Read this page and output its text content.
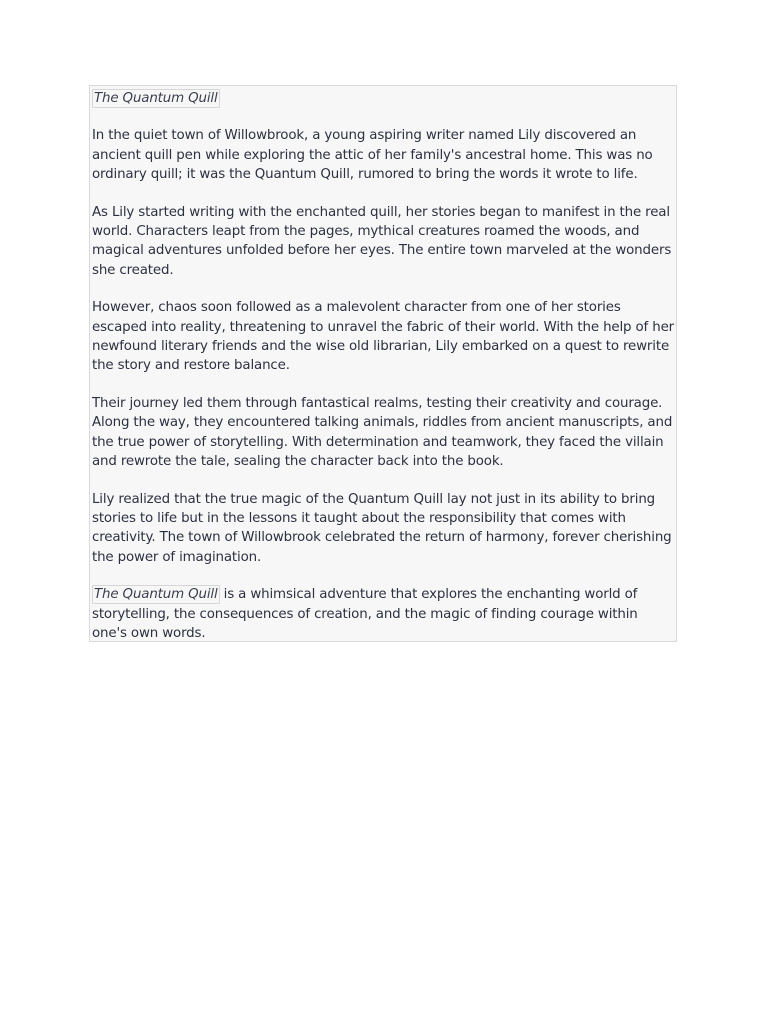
The Quantum Quill

In the quiet town of Willowbrook, a young aspiring writer named Lily discovered an ancient quill pen while exploring the attic of her family's ancestral home. This was no ordinary quill; it was the Quantum Quill, rumored to bring the words it wrote to life.

As Lily started writing with the enchanted quill, her stories began to manifest in the real world. Characters leapt from the pages, mythical creatures roamed the woods, and magical adventures unfolded before her eyes. The entire town marveled at the wonders she created.

However, chaos soon followed as a malevolent character from one of her stories escaped into reality, threatening to unravel the fabric of their world. With the help of her newfound literary friends and the wise old librarian, Lily embarked on a quest to rewrite the story and restore balance.

Their journey led them through fantastical realms, testing their creativity and courage. Along the way, they encountered talking animals, riddles from ancient manuscripts, and the true power of storytelling. With determination and teamwork, they faced the villain and rewrote the tale, sealing the character back into the book.

Lily realized that the true magic of the Quantum Quill lay not just in its ability to bring stories to life but in the lessons it taught about the responsibility that comes with creativity. The town of Willowbrook celebrated the return of harmony, forever cherishing the power of imagination.

The Quantum Quill is a whimsical adventure that explores the enchanting world of storytelling, the consequences of creation, and the magic of finding courage within one's own words.
